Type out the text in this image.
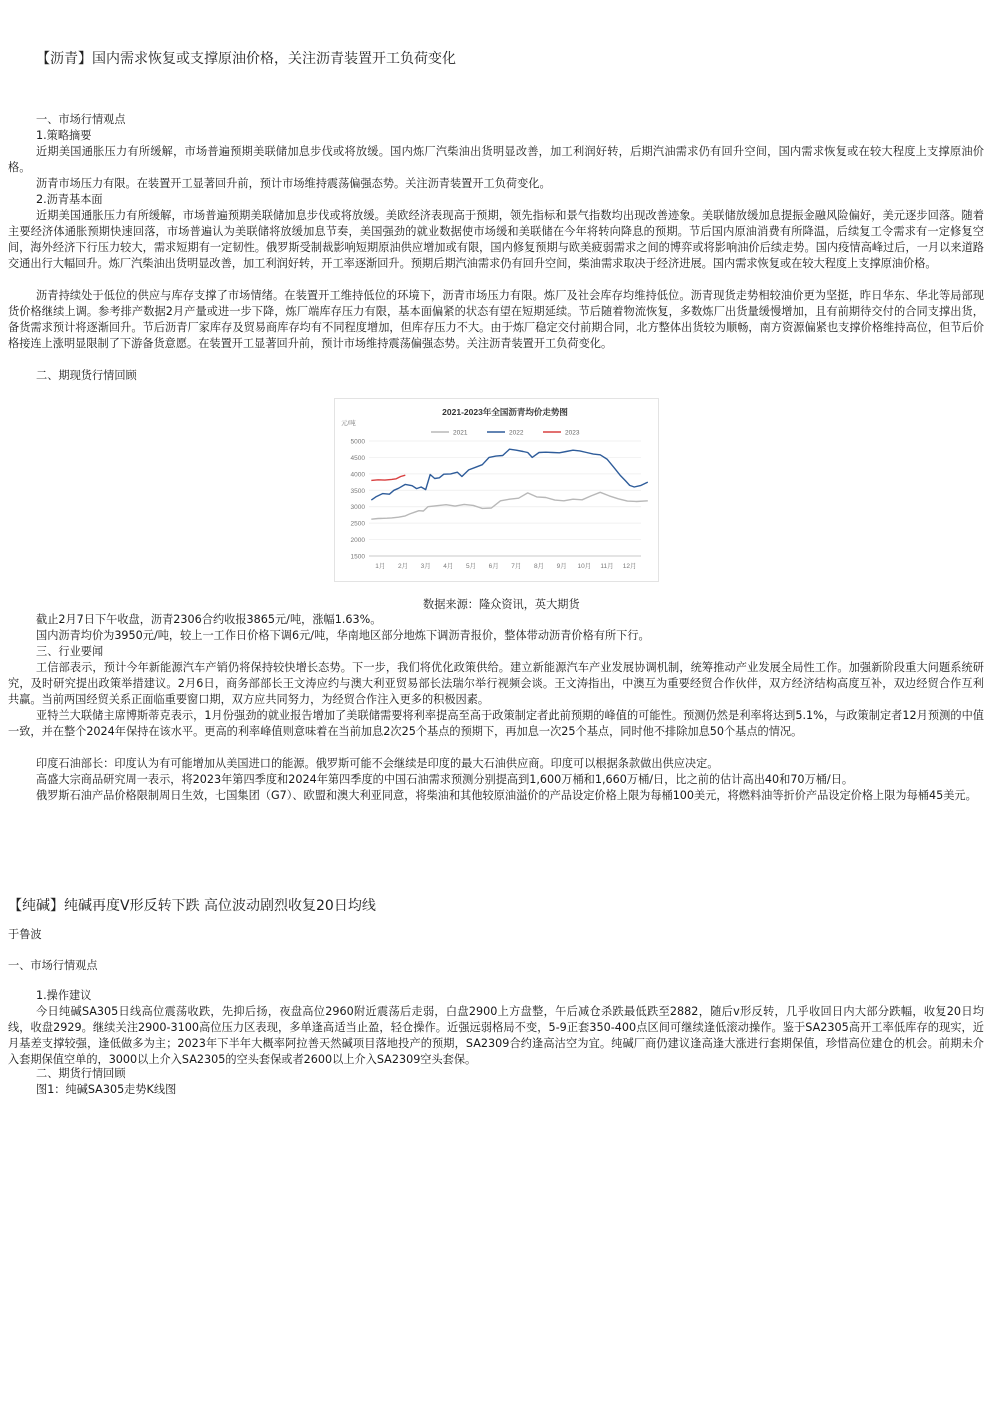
【沥青】国内需求恢复或支撑原油价格，关注沥青装置开工负荷变化
一、市场行情观点
1.策略摘要
近期美国通胀压力有所缓解，市场普遍预期美联储加息步伐或将放缓。国内炼厂汽柴油出货明显改善，加工利润好转，后期汽油需求仍有回升空间，国内需求恢复或在较大程度上支撑原油价格。
沥青市场压力有限。在装置开工显著回升前，预计市场维持震荡偏强态势。关注沥青装置开工负荷变化。
2.沥青基本面
近期美国通胀压力有所缓解，市场普遍预期美联储加息步伐或将放缓。美欧经济表现高于预期，领先指标和景气指数均出现改善迹象。美联储放缓加息提振金融风险偏好，美元逐步回落。随着主要经济体通胀预期快速回落，市场普遍认为美联储将放缓加息节奏，美国强劲的就业数据使市场缓和美联储在今年将转向降息的预期。节后国内原油消费有所降温，后续复工令需求有一定修复空间，海外经济下行压力较大，需求短期有一定韧性。俄罗斯受制裁影响短期原油供应增加或有限，国内修复预期与欧美疲弱需求之间的博弈或将影响油价后续走势。国内疫情高峰过后，一月以来道路交通出行大幅回升。炼厂汽柴油出货明显改善，加工利润好转，开工率逐渐回升。预期后期汽油需求仍有回升空间，柴油需求取决于经济进展。国内需求恢复或在较大程度上支撑原油价格。
沥青持续处于低位的供应与库存支撑了市场情绪。在装置开工维持低位的环境下，沥青市场压力有限。炼厂及社会库存均维持低位。沥青现货走势相较油价更为坚挺，昨日华东、华北等局部现货价格继续上调。参考排产数据2月产量或进一步下降，炼厂端库存压力有限，基本面偏紧的状态有望在短期延续。节后随着物流恢复，多数炼厂出货量缓慢增加，且有前期待交付的合同支撑出货，备货需求预计将逐渐回升。节后沥青厂家库存及贸易商库存均有不同程度增加，但库存压力不大。由于炼厂稳定交付前期合同，北方整体出货较为顺畅，南方资源偏紧也支撑价格维持高位，但节后价格接连上涨明显限制了下游备货意愿。在装置开工显著回升前，预计市场维持震荡偏强态势。关注沥青装置开工负荷变化。
二、期现货行情回顾
2021-2023年全国沥青均价走势图
元/吨
1500
2000
2500
3000
3500
4000
4500
5000
1月 2月 3月 4月 5月 6月 7月 8月 9月 10月 11月 12月
2021	2022	2023
数据来源：隆众资讯，英大期货
截止2月7日下午收盘，沥青2306合约收报3865元/吨，涨幅1.63%。
国内沥青均价为3950元/吨，较上一工作日价格下调6元/吨，华南地区部分地炼下调沥青报价，整体带动沥青价格有所下行。
三、行业要闻
工信部表示，预计今年新能源汽车产销仍将保持较快增长态势。下一步，我们将优化政策供给。建立新能源汽车产业发展协调机制，统筹推动产业发展全局性工作。加强新阶段重大问题系统研究，及时研究提出政策举措建议。2月6日，商务部部长王文涛应约与澳大利亚贸易部长法瑞尔举行视频会谈。王文涛指出，中澳互为重要经贸合作伙伴，双方经济结构高度互补，双边经贸合作互利共赢。当前两国经贸关系正面临重要窗口期，双方应共同努力，为经贸合作注入更多的积极因素。
亚特兰大联储主席博斯蒂克表示，1月份强劲的就业报告增加了美联储需要将利率提高至高于政策制定者此前预期的峰值的可能性。预测仍然是利率将达到5.1%，与政策制定者12月预测的中值一致，并在整个2024年保持在该水平。更高的利率峰值则意味着在当前加息2次25个基点的预期下，再加息一次25个基点，同时他不排除加息50个基点的情况。
印度石油部长：印度认为有可能增加从美国进口的能源。俄罗斯可能不会继续是印度的最大石油供应商。印度可以根据条款做出供应决定。
高盛大宗商品研究周一表示，将2023年第四季度和2024年第四季度的中国石油需求预测分别提高到1,600万桶和1,660万桶/日，比之前的估计高出40和70万桶/日。
俄罗斯石油产品价格限制周日生效，七国集团（G7）、欧盟和澳大利亚同意，将柴油和其他较原油溢价的产品设定价格上限为每桶100美元，将燃料油等折价产品设定价格上限为每桶45美元。
【纯碱】纯碱再度V形反转下跌 高位波动剧烈收复20日均线
于鲁波
一、市场行情观点
1.操作建议
今日纯碱SA305日线高位震荡收跌，先抑后扬，夜盘高位2960附近震荡后走弱，白盘2900上方盘整，午后减仓杀跌最低跌至2882，随后v形反转，几乎收回日内大部分跌幅，收复20日均线，收盘2929。继续关注2900-3100高位压力区表现，多单逢高适当止盈，轻仓操作。近强远弱格局不变，5-9正套350-400点区间可继续逢低滚动操作。鉴于SA2305高开工率低库存的现实，近月基差支撑较强，逢低做多为主；2023年下半年大概率阿拉善天然碱项目落地投产的预期，SA2309合约逢高沽空为宜。纯碱厂商仍建议逢高逢大涨进行套期保值，珍惜高位建仓的机会。前期未介入套期保值空单的，3000以上介入SA2305的空头套保或者2600以上介入SA2309空头套保。
二、期货行情回顾
图1：纯碱SA305走势K线图
